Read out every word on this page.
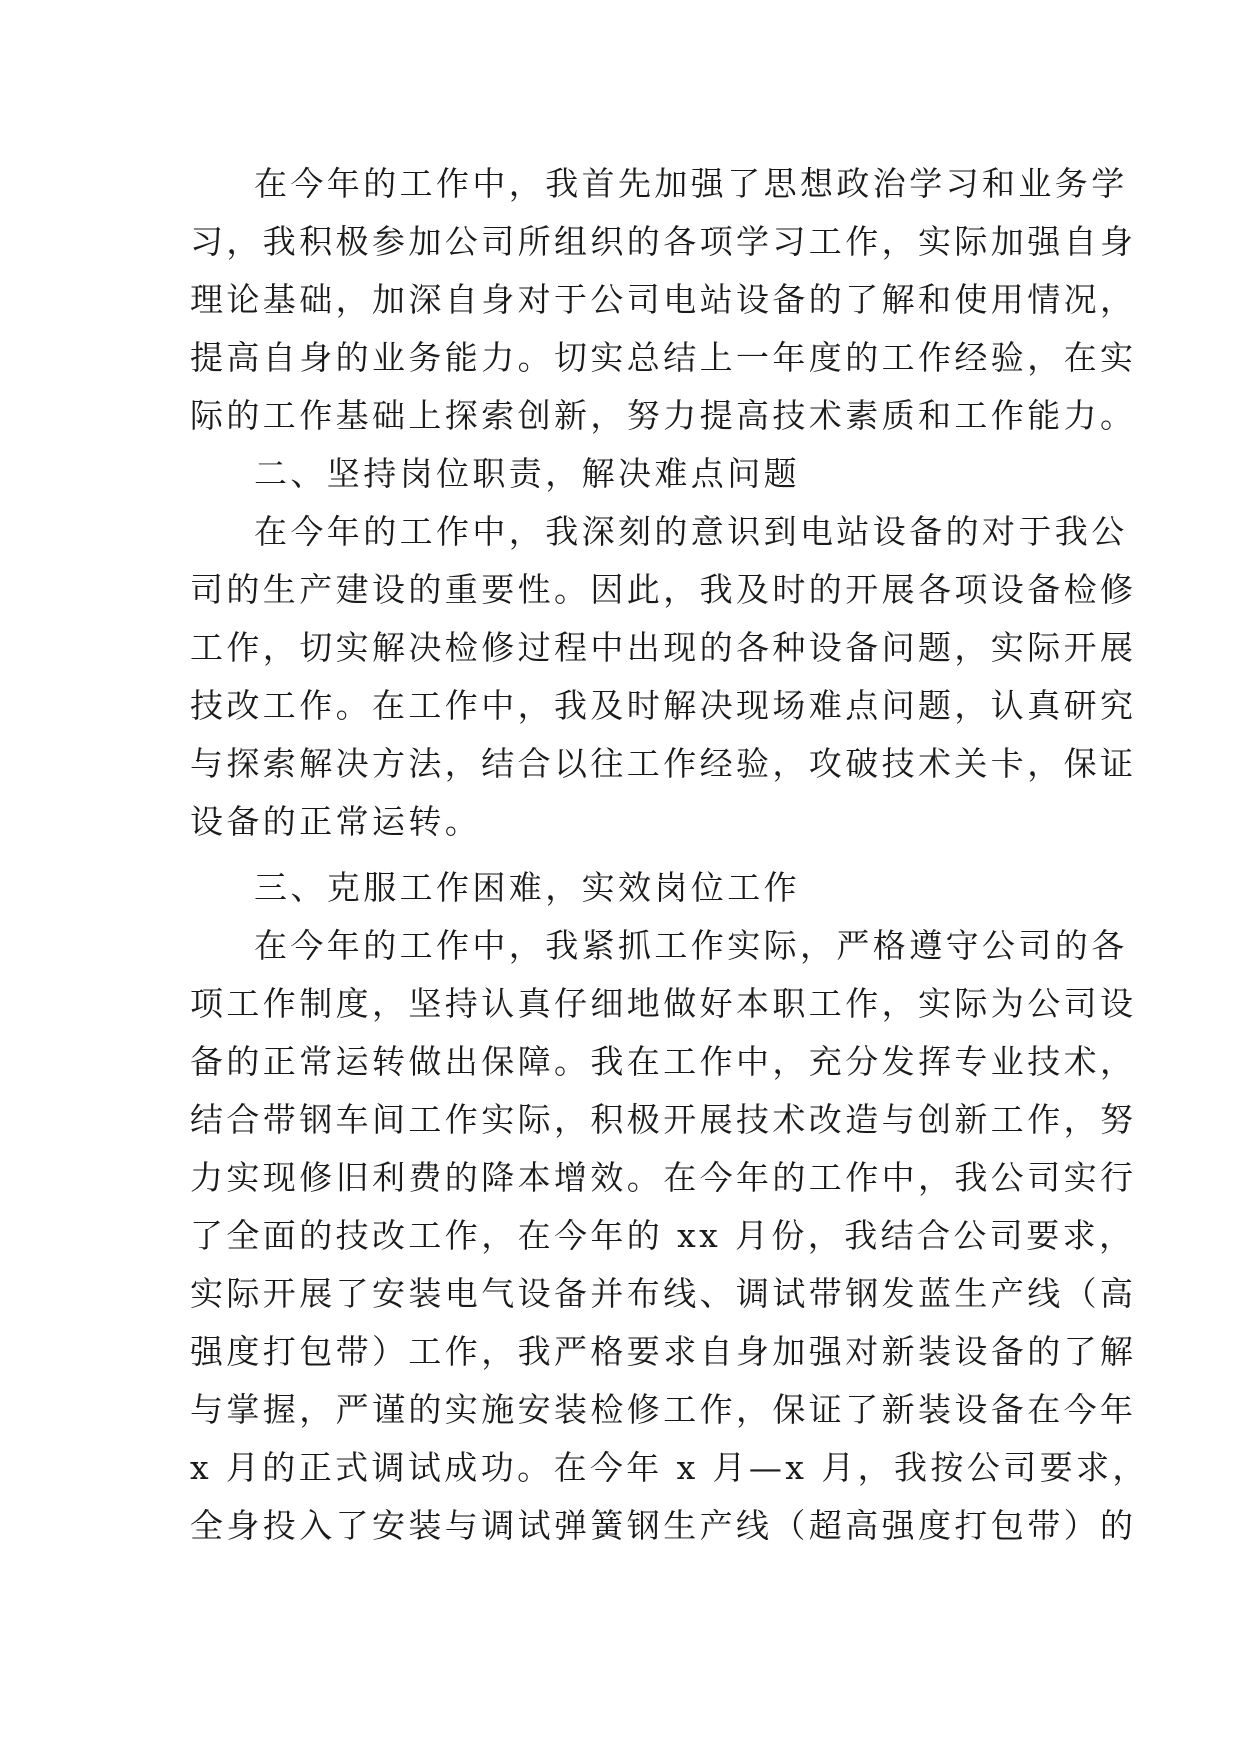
在今年的工作中，我首先加强了思想政治学习和业务学
习，我积极参加公司所组织的各项学习工作，实际加强自身
理论基础，加深自身对于公司电站设备的了解和使用情况，
提高自身的业务能力。切实总结上一年度的工作经验，在实
际的工作基础上探索创新，努力提高技术素质和工作能力。
二、坚持岗位职责，解决难点问题
在今年的工作中，我深刻的意识到电站设备的对于我公
司的生产建设的重要性。因此，我及时的开展各项设备检修
工作，切实解决检修过程中出现的各种设备问题，实际开展
技改工作。在工作中，我及时解决现场难点问题，认真研究
与探索解决方法，结合以往工作经验，攻破技术关卡，保证
设备的正常运转。
三、克服工作困难，实效岗位工作
在今年的工作中，我紧抓工作实际，严格遵守公司的各
项工作制度，坚持认真仔细地做好本职工作，实际为公司设
备的正常运转做出保障。我在工作中，充分发挥专业技术，
结合带钢车间工作实际，积极开展技术改造与创新工作，努
力实现修旧利费的降本增效。在今年的工作中，我公司实行
了全面的技改工作，在今年的 xx 月份，我结合公司要求，
实际开展了安装电气设备并布线、调试带钢发蓝生产线（高
强度打包带）工作，我严格要求自身加强对新装设备的了解
与掌握，严谨的实施安装检修工作，保证了新装设备在今年
x 月的正式调试成功。在今年 x 月—x 月，我按公司要求，
全身投入了安装与调试弹簧钢生产线（超高强度打包带）的
